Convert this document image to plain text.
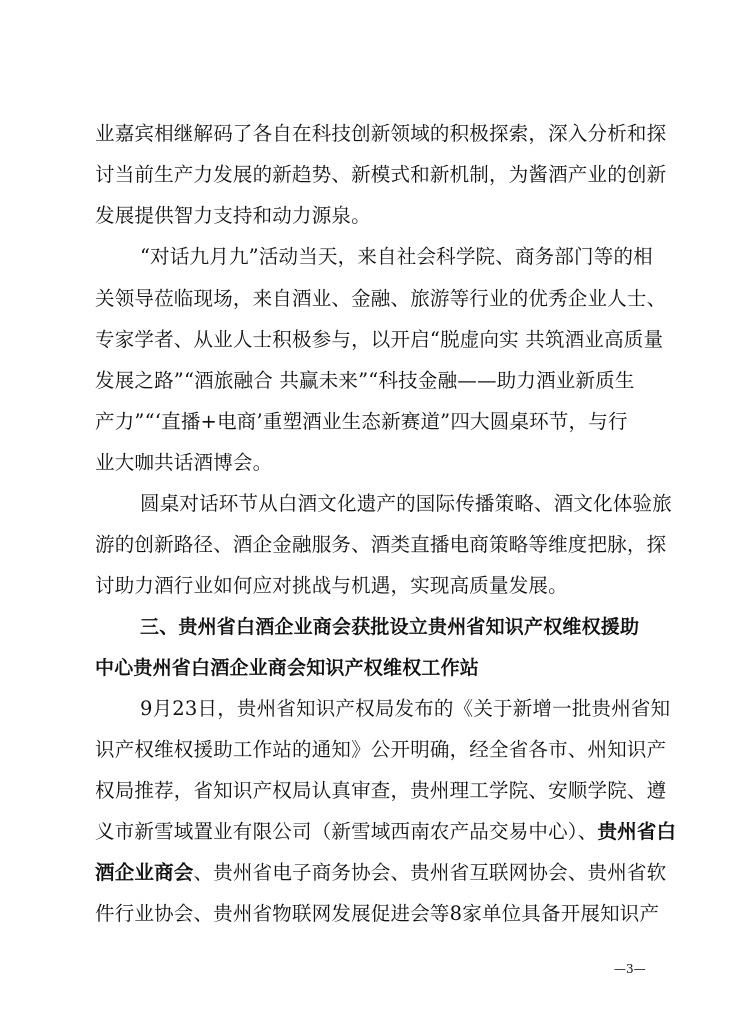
业嘉宾相继解码了各自在科技创新领域的积极探索，深入分析和探
讨当前生产力发展的新趋势、新模式和新机制，为酱酒产业的创新
发展提供智力支持和动力源泉。
“对话九月九”活动当天，来自社会科学院、商务部门等的相
关领导莅临现场，来自酒业、金融、旅游等行业的优秀企业人士、
专家学者、从业人士积极参与，以开启“脱虚向实 共筑酒业高质量
发展之路”“酒旅融合 共赢未来”“科技金融——助力酒业新质生
产力”“‘直播+电商’重塑酒业生态新赛道”四大圆桌环节，与行
业大咖共话酒博会。
圆桌对话环节从白酒文化遗产的国际传播策略、酒文化体验旅
游的创新路径、酒企金融服务、酒类直播电商策略等维度把脉，探
讨助力酒行业如何应对挑战与机遇，实现高质量发展。
三、贵州省白酒企业商会获批设立贵州省知识产权维权援助
中心贵州省白酒企业商会知识产权维权工作站
9月23日，贵州省知识产权局发布的《关于新增一批贵州省知
识产权维权援助工作站的通知》公开明确，经全省各市、州知识产
权局推荐，省知识产权局认真审查，贵州理工学院、安顺学院、遵
义市新雪域置业有限公司（新雪域西南农产品交易中心）、贵州省白
酒企业商会、贵州省电子商务协会、贵州省互联网协会、贵州省软
件行业协会、贵州省物联网发展促进会等8家单位具备开展知识产
—3—
